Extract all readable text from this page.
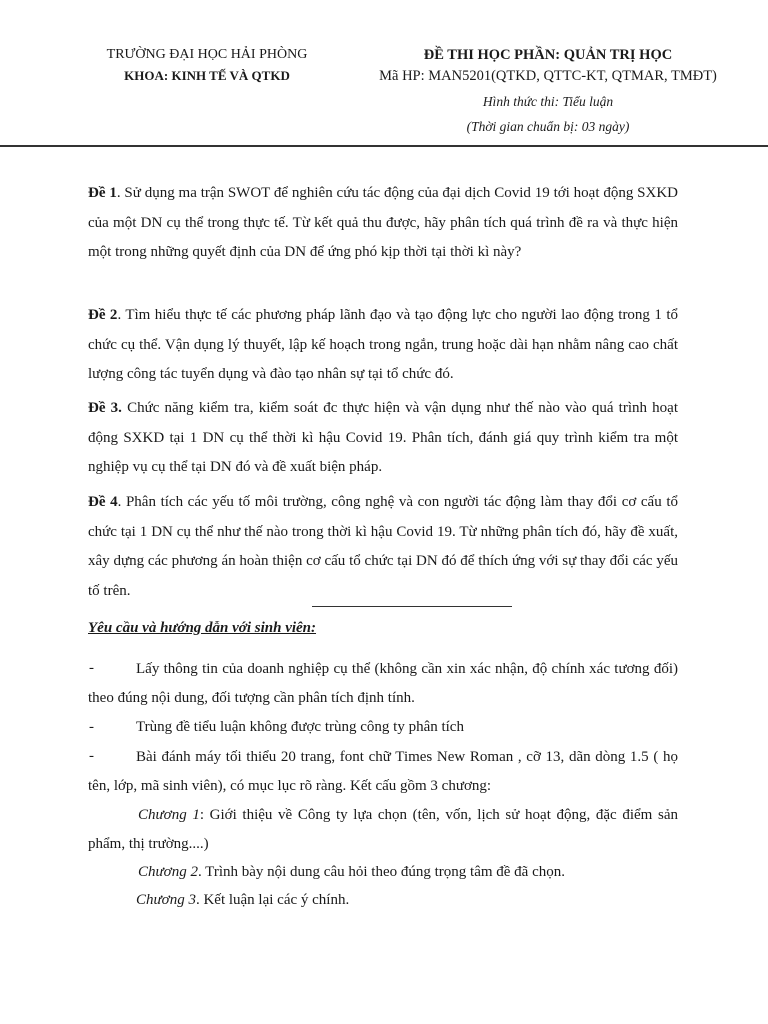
TRƯỜNG ĐẠI HỌC HẢI PHÒNG
KHOA: KINH TẾ VÀ QTKD
ĐỀ THI HỌC PHẦN: QUẢN TRỊ HỌC
Mã HP: MAN5201(QTKD, QTTC-KT, QTMAR, TMĐT)
Hình thức thi: Tiểu luận
(Thời gian chuẩn bị: 03 ngày)

Đề 1. Sử dụng ma trận SWOT để nghiên cứu tác động của đại dịch Covid 19 tới hoạt động SXKD của một DN cụ thể trong thực tế. Từ kết quả thu được, hãy phân tích quá trình đề ra và thực hiện một trong những quyết định của DN để ứng phó kịp thời tại thời kì này?

Đề 2. Tìm hiểu thực tế các phương pháp lãnh đạo và tạo động lực cho người lao động trong 1 tổ chức cụ thể. Vận dụng lý thuyết, lập kế hoạch trong ngắn, trung hoặc dài hạn nhằm nâng cao chất lượng công tác tuyển dụng và đào tạo nhân sự tại tổ chức đó.

Đề 3. Chức năng kiểm tra, kiểm soát đc thực hiện và vận dụng như thế nào vào quá trình hoạt động SXKD tại 1 DN cụ thể thời kì hậu Covid 19. Phân tích, đánh giá quy trình kiểm tra một nghiệp vụ cụ thể tại DN đó và đề xuất biện pháp.

Đề 4. Phân tích các yếu tố môi trường, công nghệ và con người tác động làm thay đổi cơ cấu tổ chức tại 1 DN cụ thể như thế nào trong thời kì hậu Covid 19. Từ những phân tích đó, hãy đề xuất, xây dựng các phương án hoàn thiện cơ cấu tổ chức tại DN đó để thích ứng với sự thay đổi các yếu tố trên.

Yêu cầu và hướng dẫn với sinh viên:
-	Lấy thông tin của doanh nghiệp cụ thể (không cần xin xác nhận, độ chính xác tương đối) theo đúng nội dung, đối tượng cần phân tích định tính.
-	Trùng đề tiểu luận không được trùng công ty phân tích
-	Bài đánh máy tối thiểu 20 trang, font chữ Times New Roman , cỡ 13, dãn dòng 1.5 ( họ tên, lớp, mã sinh viên), có mục lục rõ ràng. Kết cấu gồm 3 chương:
Chương 1: Giới thiệu về Công ty lựa chọn (tên, vốn, lịch sử hoạt động, đặc điểm sản phẩm, thị trường....)
Chương 2. Trình bày nội dung câu hỏi theo đúng trọng tâm đề đã chọn.
Chương 3. Kết luận lại các ý chính.
